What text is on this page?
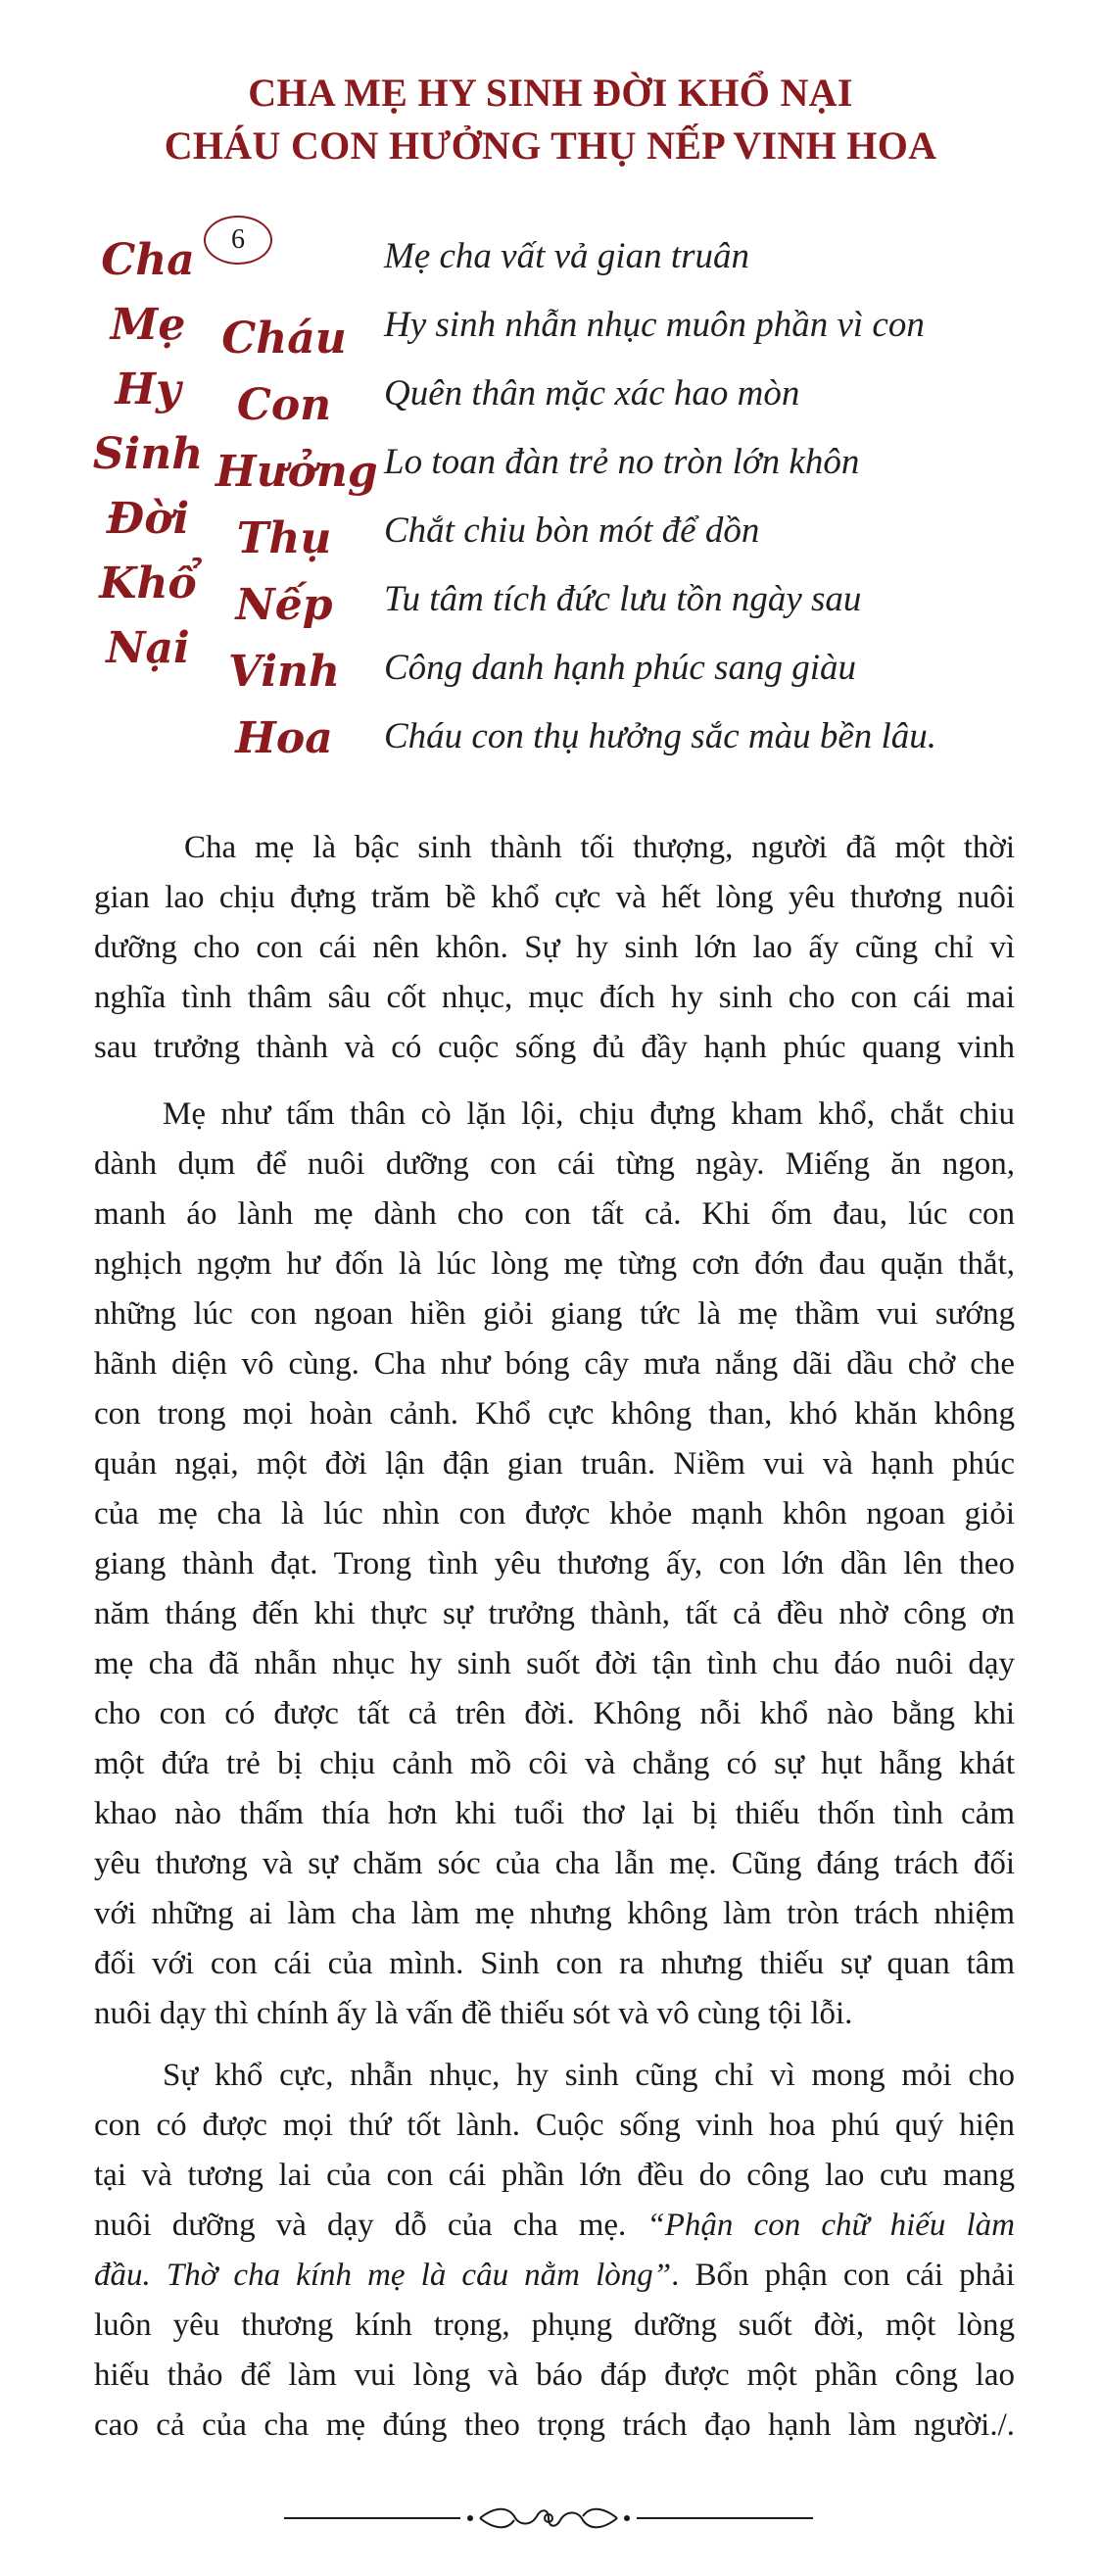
CHA MẸ HY SINH ĐỜI KHỔ NẠI
CHÁU CON HƯỞNG THỤ NẾP VINH HOA
Cha
Mẹ
Hy
Sinh
Đời
Khổ
Nại
6
Cháu
Con
Hưởng
Thụ
Nếp
Vinh
Hoa
Mẹ cha vất vả gian truân
Hy sinh nhẫn nhục muôn phần vì con
Quên thân mặc xác hao mòn
Lo toan đàn trẻ no tròn lớn khôn
Chắt chiu bòn mót để dồn
Tu tâm tích đức lưu tồn ngày sau
Công danh hạnh phúc sang giàu
Cháu con thụ hưởng sắc màu bền lâu.
Cha mẹ là bậc sinh thành tối thượng, người đã một thời
gian lao chịu đựng trăm bề khổ cực và hết lòng yêu thương nuôi
dưỡng cho con cái nên khôn. Sự hy sinh lớn lao ấy cũng chỉ vì
nghĩa tình thâm sâu cốt nhục, mục đích hy sinh cho con cái mai
sau trưởng thành và có cuộc sống đủ đầy hạnh phúc quang vinh
Mẹ như tấm thân cò lặn lội, chịu đựng kham khổ, chắt chiu
dành dụm để nuôi dưỡng con cái từng ngày. Miếng ăn ngon,
manh áo lành mẹ dành cho con tất cả. Khi ốm đau, lúc con
nghịch ngợm hư đốn là lúc lòng mẹ từng cơn đớn đau quặn thắt,
những lúc con ngoan hiền giỏi giang tức là mẹ thầm vui sướng
hãnh diện vô cùng. Cha như bóng cây mưa nắng dãi dầu chở che
con trong mọi hoàn cảnh. Khổ cực không than, khó khăn không
quản ngại, một đời lận đận gian truân. Niềm vui và hạnh phúc
của mẹ cha là lúc nhìn con được khỏe mạnh khôn ngoan giỏi
giang thành đạt. Trong tình yêu thương ấy, con lớn dần lên theo
năm tháng đến khi thực sự trưởng thành, tất cả đều nhờ công ơn
mẹ cha đã nhẫn nhục hy sinh suốt đời tận tình chu đáo nuôi dạy
cho con có được tất cả trên đời. Không nỗi khổ nào bằng khi
một đứa trẻ bị chịu cảnh mồ côi và chẳng có sự hụt hẫng khát
khao nào thấm thía hơn khi tuổi thơ lại bị thiếu thốn tình cảm
yêu thương và sự chăm sóc của cha lẫn mẹ. Cũng đáng trách đối
với những ai làm cha làm mẹ nhưng không làm tròn trách nhiệm
đối với con cái của mình. Sinh con ra nhưng thiếu sự quan tâm
nuôi dạy thì chính ấy là vấn đề thiếu sót và vô cùng tội lỗi.
Sự khổ cực, nhẫn nhục, hy sinh cũng chỉ vì mong mỏi cho
con có được mọi thứ tốt lành. Cuộc sống vinh hoa phú quý hiện
tại và tương lai của con cái phần lớn đều do công lao cưu mang
nuôi dưỡng và dạy dỗ của cha mẹ. “Phận con chữ hiếu làm
đầu. Thờ cha kính mẹ là câu nằm lòng”. Bổn phận con cái phải
luôn yêu thương kính trọng, phụng dưỡng suốt đời, một lòng
hiếu thảo để làm vui lòng và báo đáp được một phần công lao
cao cả của cha mẹ đúng theo trọng trách đạo hạnh làm người./.
